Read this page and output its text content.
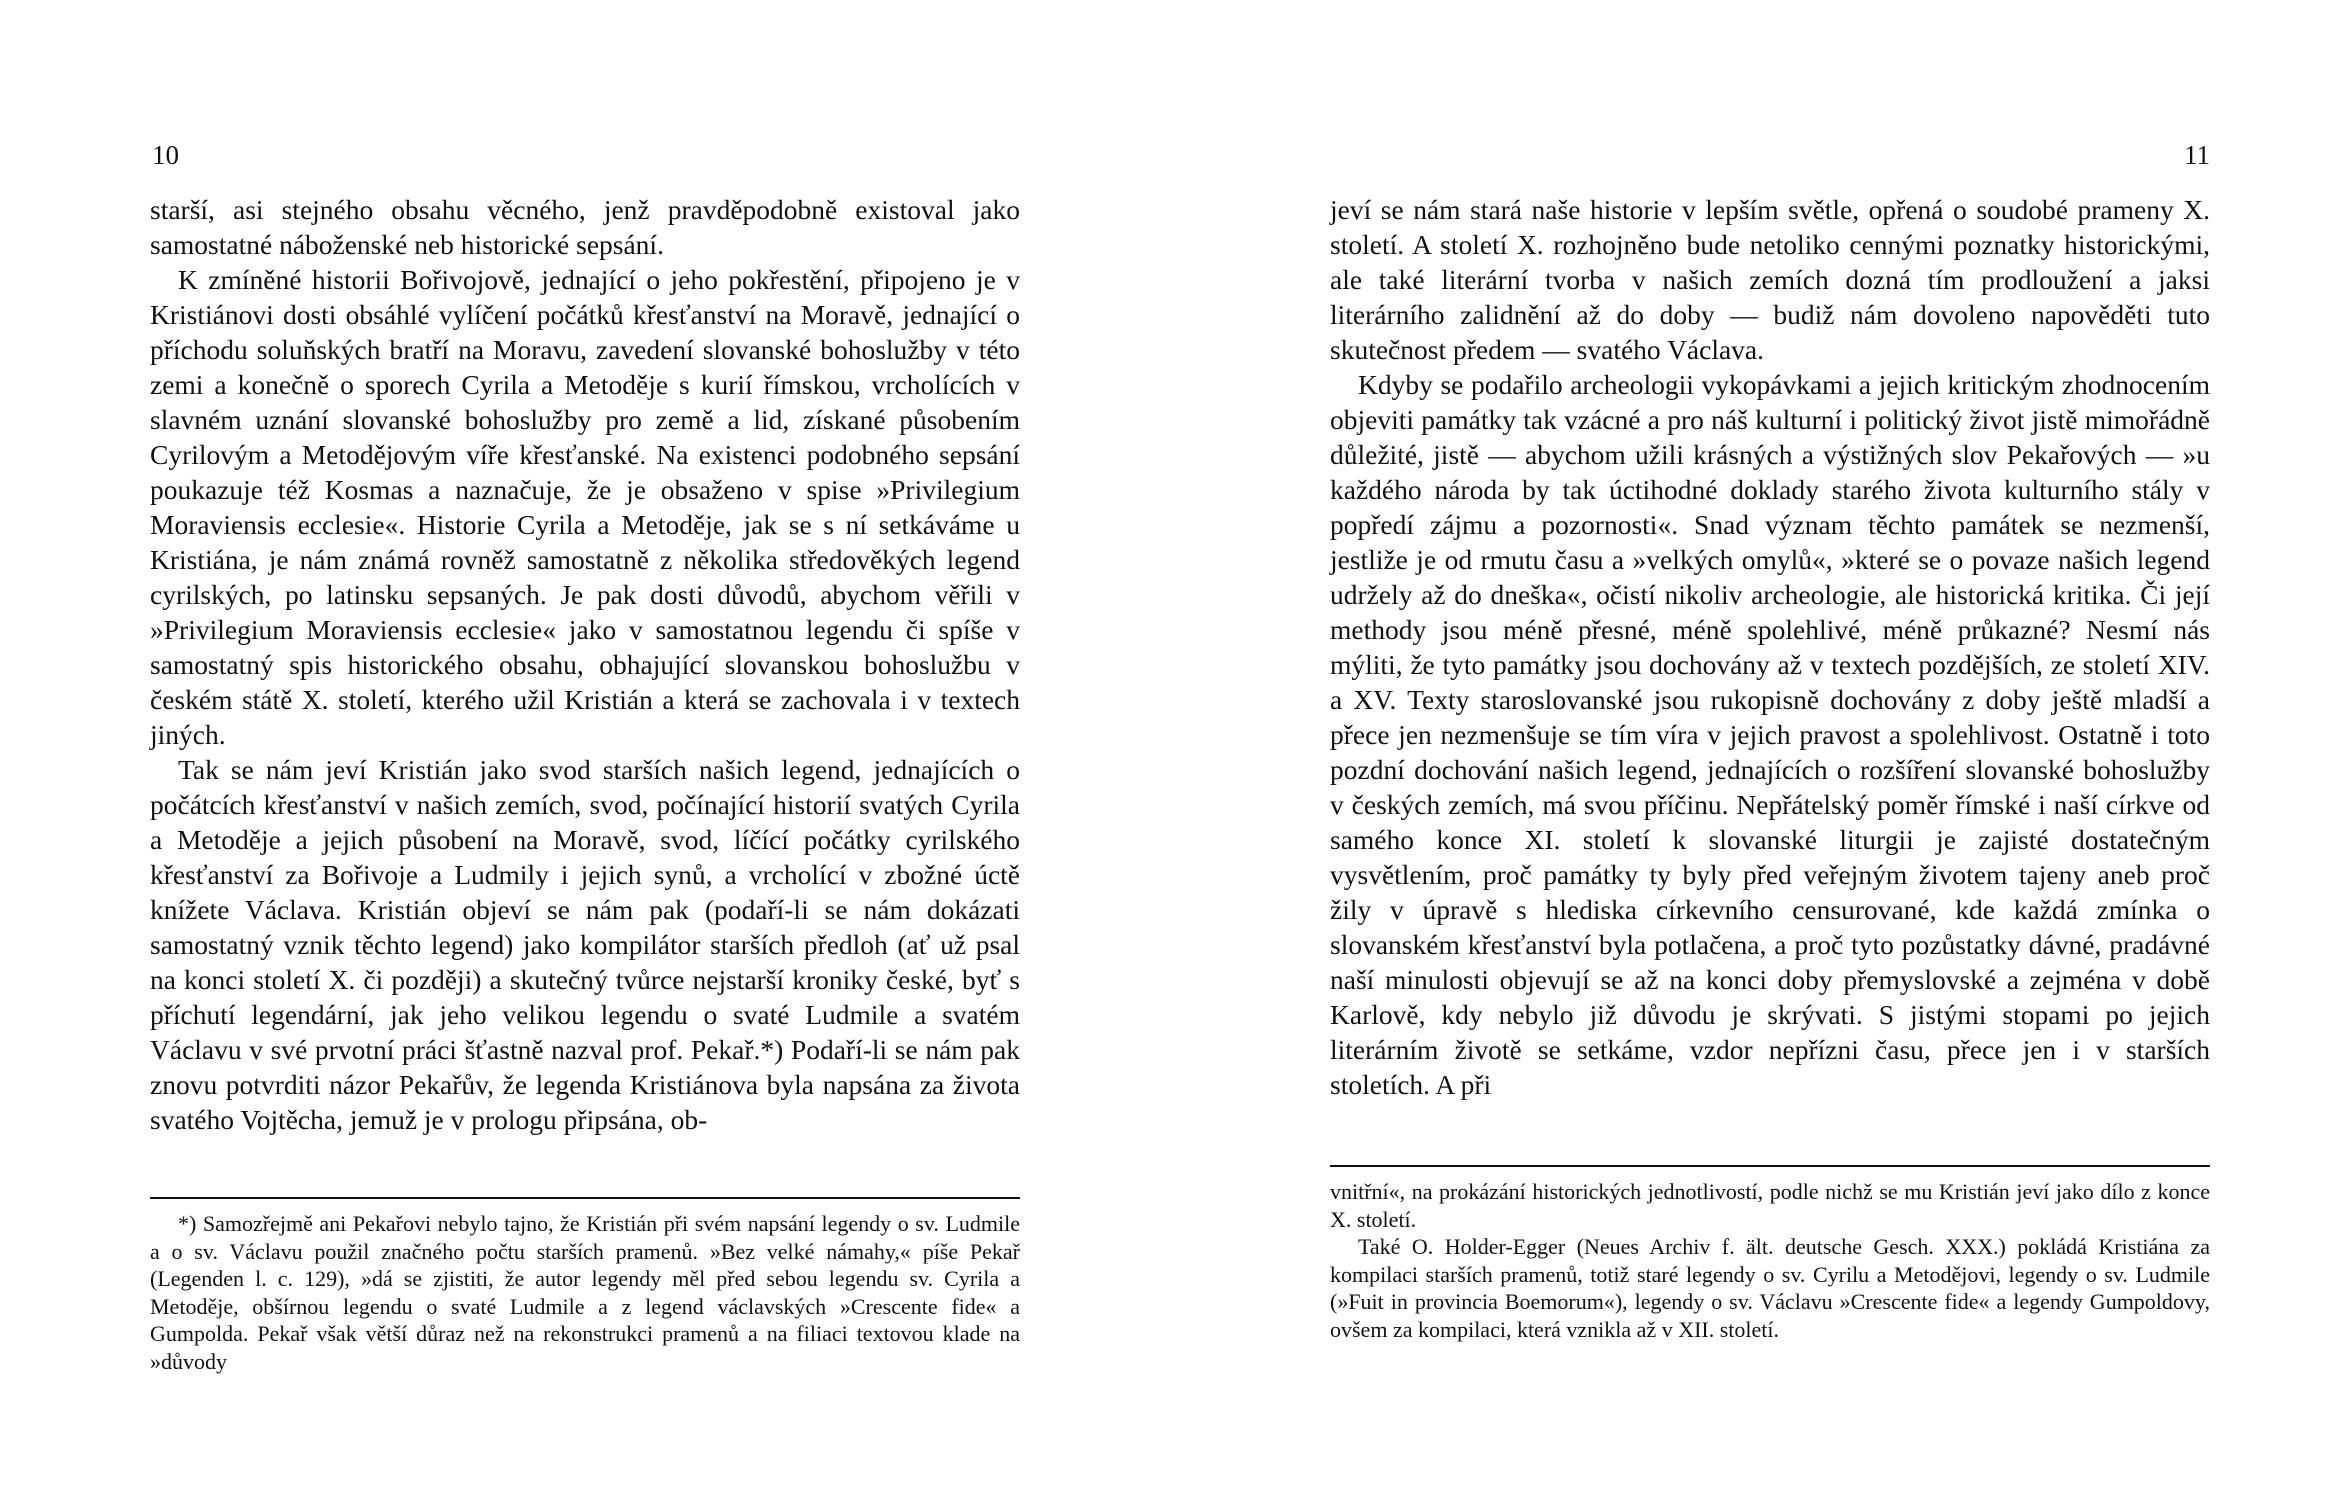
10

starší, asi stejného obsahu věcného, jenž pravděpodobně existoval jako samostatné náboženské neb historické sepsání.

K zmíněné historii Bořivojově, jednající o jeho pokřestění, připojeno je v Kristiánovi dosti obsáhlé vylíčení počátků křesťanství na Moravě, jednající o příchodu soluňských bratří na Moravu, zavedení slovanské bohoslužby v této zemi a konečně o sporech Cyrila a Metoděje s kurií římskou, vrcholících v slavném uznání slovanské bohoslužby pro země a lid, získané působením Cyrilovým a Metodějovým víře křesťanské. Na existenci podobného sepsání poukazuje též Kosmas a naznačuje, že je obsaženo v spise »Privilegium Moraviensis ecclesie«. Historie Cyrila a Metoděje, jak se s ní setkáváme u Kristiána, je nám známá rovněž samostatně z několika středověkých legend cyrilských, po latinsku sepsaných. Je pak dosti důvodů, abychom věřili v »Privilegium Moraviensis ecclesie« jako v samostatnou legendu či spíše v samostatný spis historického obsahu, obhajující slovanskou bohoslužbu v českém státě X. století, kterého užil Kristián a která se zachovala i v textech jiných.

Tak se nám jeví Kristián jako svod starších našich legend, jednajících o počátcích křesťanství v našich zemích, svod, počínající historií svatých Cyrila a Metoděje a jejich působení na Moravě, svod, líčící počátky cyrilského křesťanství za Bořivoje a Ludmily i jejich synů, a vrcholící v zbožné úctě knížete Václava. Kristián objeví se nám pak (podaří-li se nám dokázati samostatný vznik těchto legend) jako kompilátor starších předloh (ať už psal na konci století X. či později) a skutečný tvůrce nejstarší kroniky české, byť s příchutí legendární, jak jeho velikou legendu o svaté Ludmile a svatém Václavu v své prvotní práci šťastně nazval prof. Pekař.*) Podaří-li se nám pak znovu potvrditi názor Pekařův, že legenda Kristiánova byla napsána za života svatého Vojtěcha, jemuž je v prologu připsána, ob-

*) Samozřejmě ani Pekařovi nebylo tajno, že Kristián při svém napsání legendy o sv. Ludmile a o sv. Václavu použil značného počtu starších pramenů. »Bez velké námahy,« píše Pekař (Legenden l. c. 129), »dá se zjistiti, že autor legendy měl před sebou legendu sv. Cyrila a Metoděje, obšírnou legendu o svaté Ludmile a z legend václavských »Crescente fide« a Gumpolda. Pekař však větší důraz než na rekonstrukci pramenů a na filiaci textovou klade na »důvody

11

jeví se nám stará naše historie v lepším světle, opřená o soudobé prameny X. století. A století X. rozhojněno bude netoliko cennými poznatky historickými, ale také literární tvorba v našich zemích dozná tím prodloužení a jaksi literárního zalidnění až do doby — budiž nám dovoleno napověděti tuto skutečnost předem — svatého Václava.

Kdyby se podařilo archeologii vykopávkami a jejich kritickým zhodnocením objeviti památky tak vzácné a pro náš kulturní i politický život jistě mimořádně důležité, jistě — abychom užili krásných a výstižných slov Pekařových — »u každého národa by tak úctihodné doklady starého života kulturního stály v popředí zájmu a pozornosti«. Snad význam těchto památek se nezmenší, jestliže je od rmutu času a »velkých omylů«, »které se o povaze našich legend udržely až do dneška«, očistí nikoliv archeologie, ale historická kritika. Či její methody jsou méně přesné, méně spolehlivé, méně průkazné? Nesmí nás mýliti, že tyto památky jsou dochovány až v textech pozdějších, ze století XIV. a XV. Texty staroslovanské jsou rukopisně dochovány z doby ještě mladší a přece jen nezmenšuje se tím víra v jejich pravost a spolehlivost. Ostatně i toto pozdní dochování našich legend, jednajících o rozšíření slovanské bohoslužby v českých zemích, má svou příčinu. Nepřátelský poměr římské i naší církve od samého konce XI. století k slovanské liturgii je zajisté dostatečným vysvětlením, proč památky ty byly před veřejným životem tajeny aneb proč žily v úpravě s hlediska církevního censurované, kde každá zmínka o slovanském křesťanství byla potlačena, a proč tyto pozůstatky dávné, pradávné naší minulosti objevují se až na konci doby přemyslovské a zejména v době Karlově, kdy nebylo již důvodu je skrývati. S jistými stopami po jejich literárním životě se setkáme, vzdor nepřízni času, přece jen i v starších stoletích. A při

vnitřní«, na prokázání historických jednotlivostí, podle nichž se mu Kristián jeví jako dílo z konce X. století.

Také O. Holder-Egger (Neues Archiv f. ält. deutsche Gesch. XXX.) pokládá Kristiána za kompilaci starších pramenů, totiž staré legendy o sv. Cyrilu a Metodějovi, legendy o sv. Ludmile (»Fuit in provincia Boemorum«), legendy o sv. Václavu »Crescente fide« a legendy Gumpoldovy, ovšem za kompilaci, která vznikla až v XII. století.
